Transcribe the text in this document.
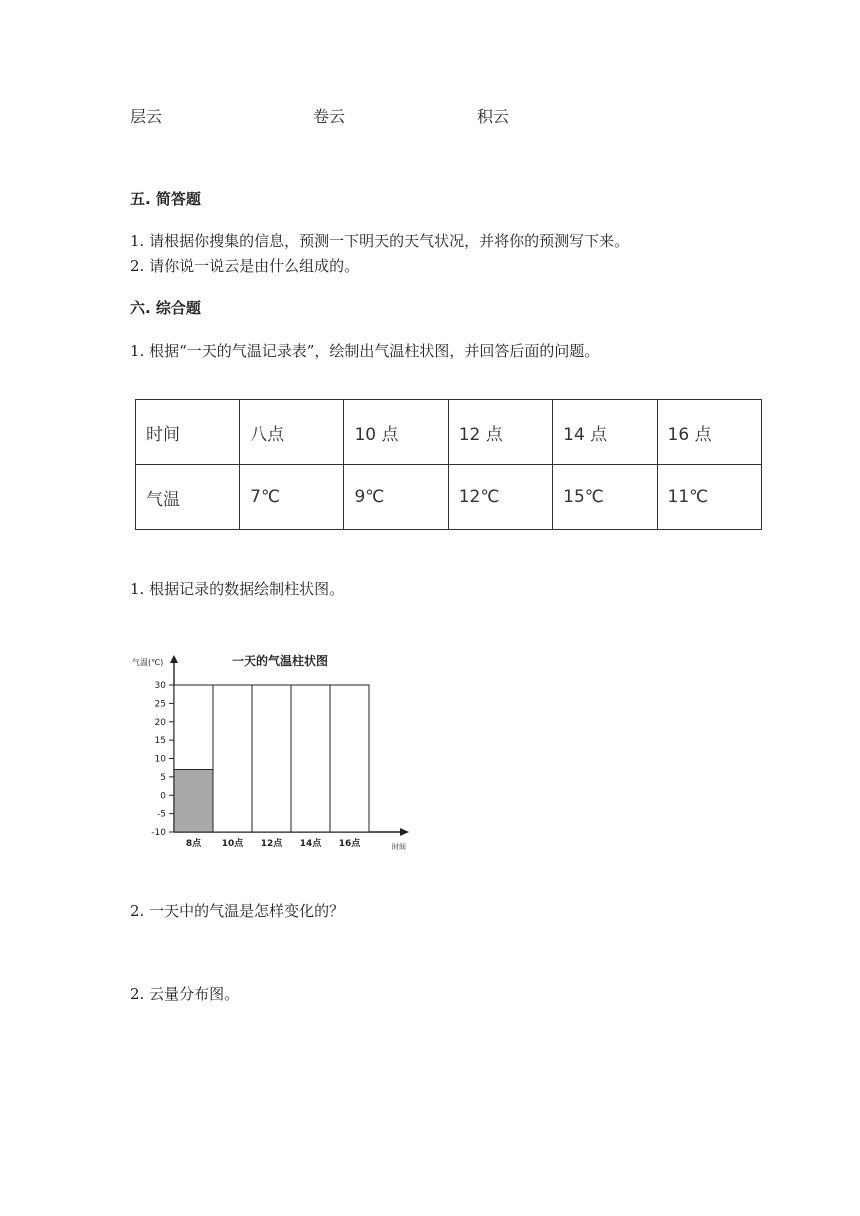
层云	卷云	积云
五. 简答题
1. 请根据你搜集的信息，预测一下明天的天气状况，并将你的预测写下来。
2. 请你说一说云是由什么组成的。
六. 综合题
1. 根据“一天的气温记录表”，绘制出气温柱状图，并回答后面的问题。
时间	八点	10 点	12 点	14 点	16 点
气温	7℃	9℃	12℃	15℃	11℃
1. 根据记录的数据绘制柱状图。
一天的气温柱状图
气温(℃)
时间
30
25
20
15
10
5
0
-5
-10
8点 10点 12点 14点 16点
2. 一天中的气温是怎样变化的？
2. 云量分布图。
